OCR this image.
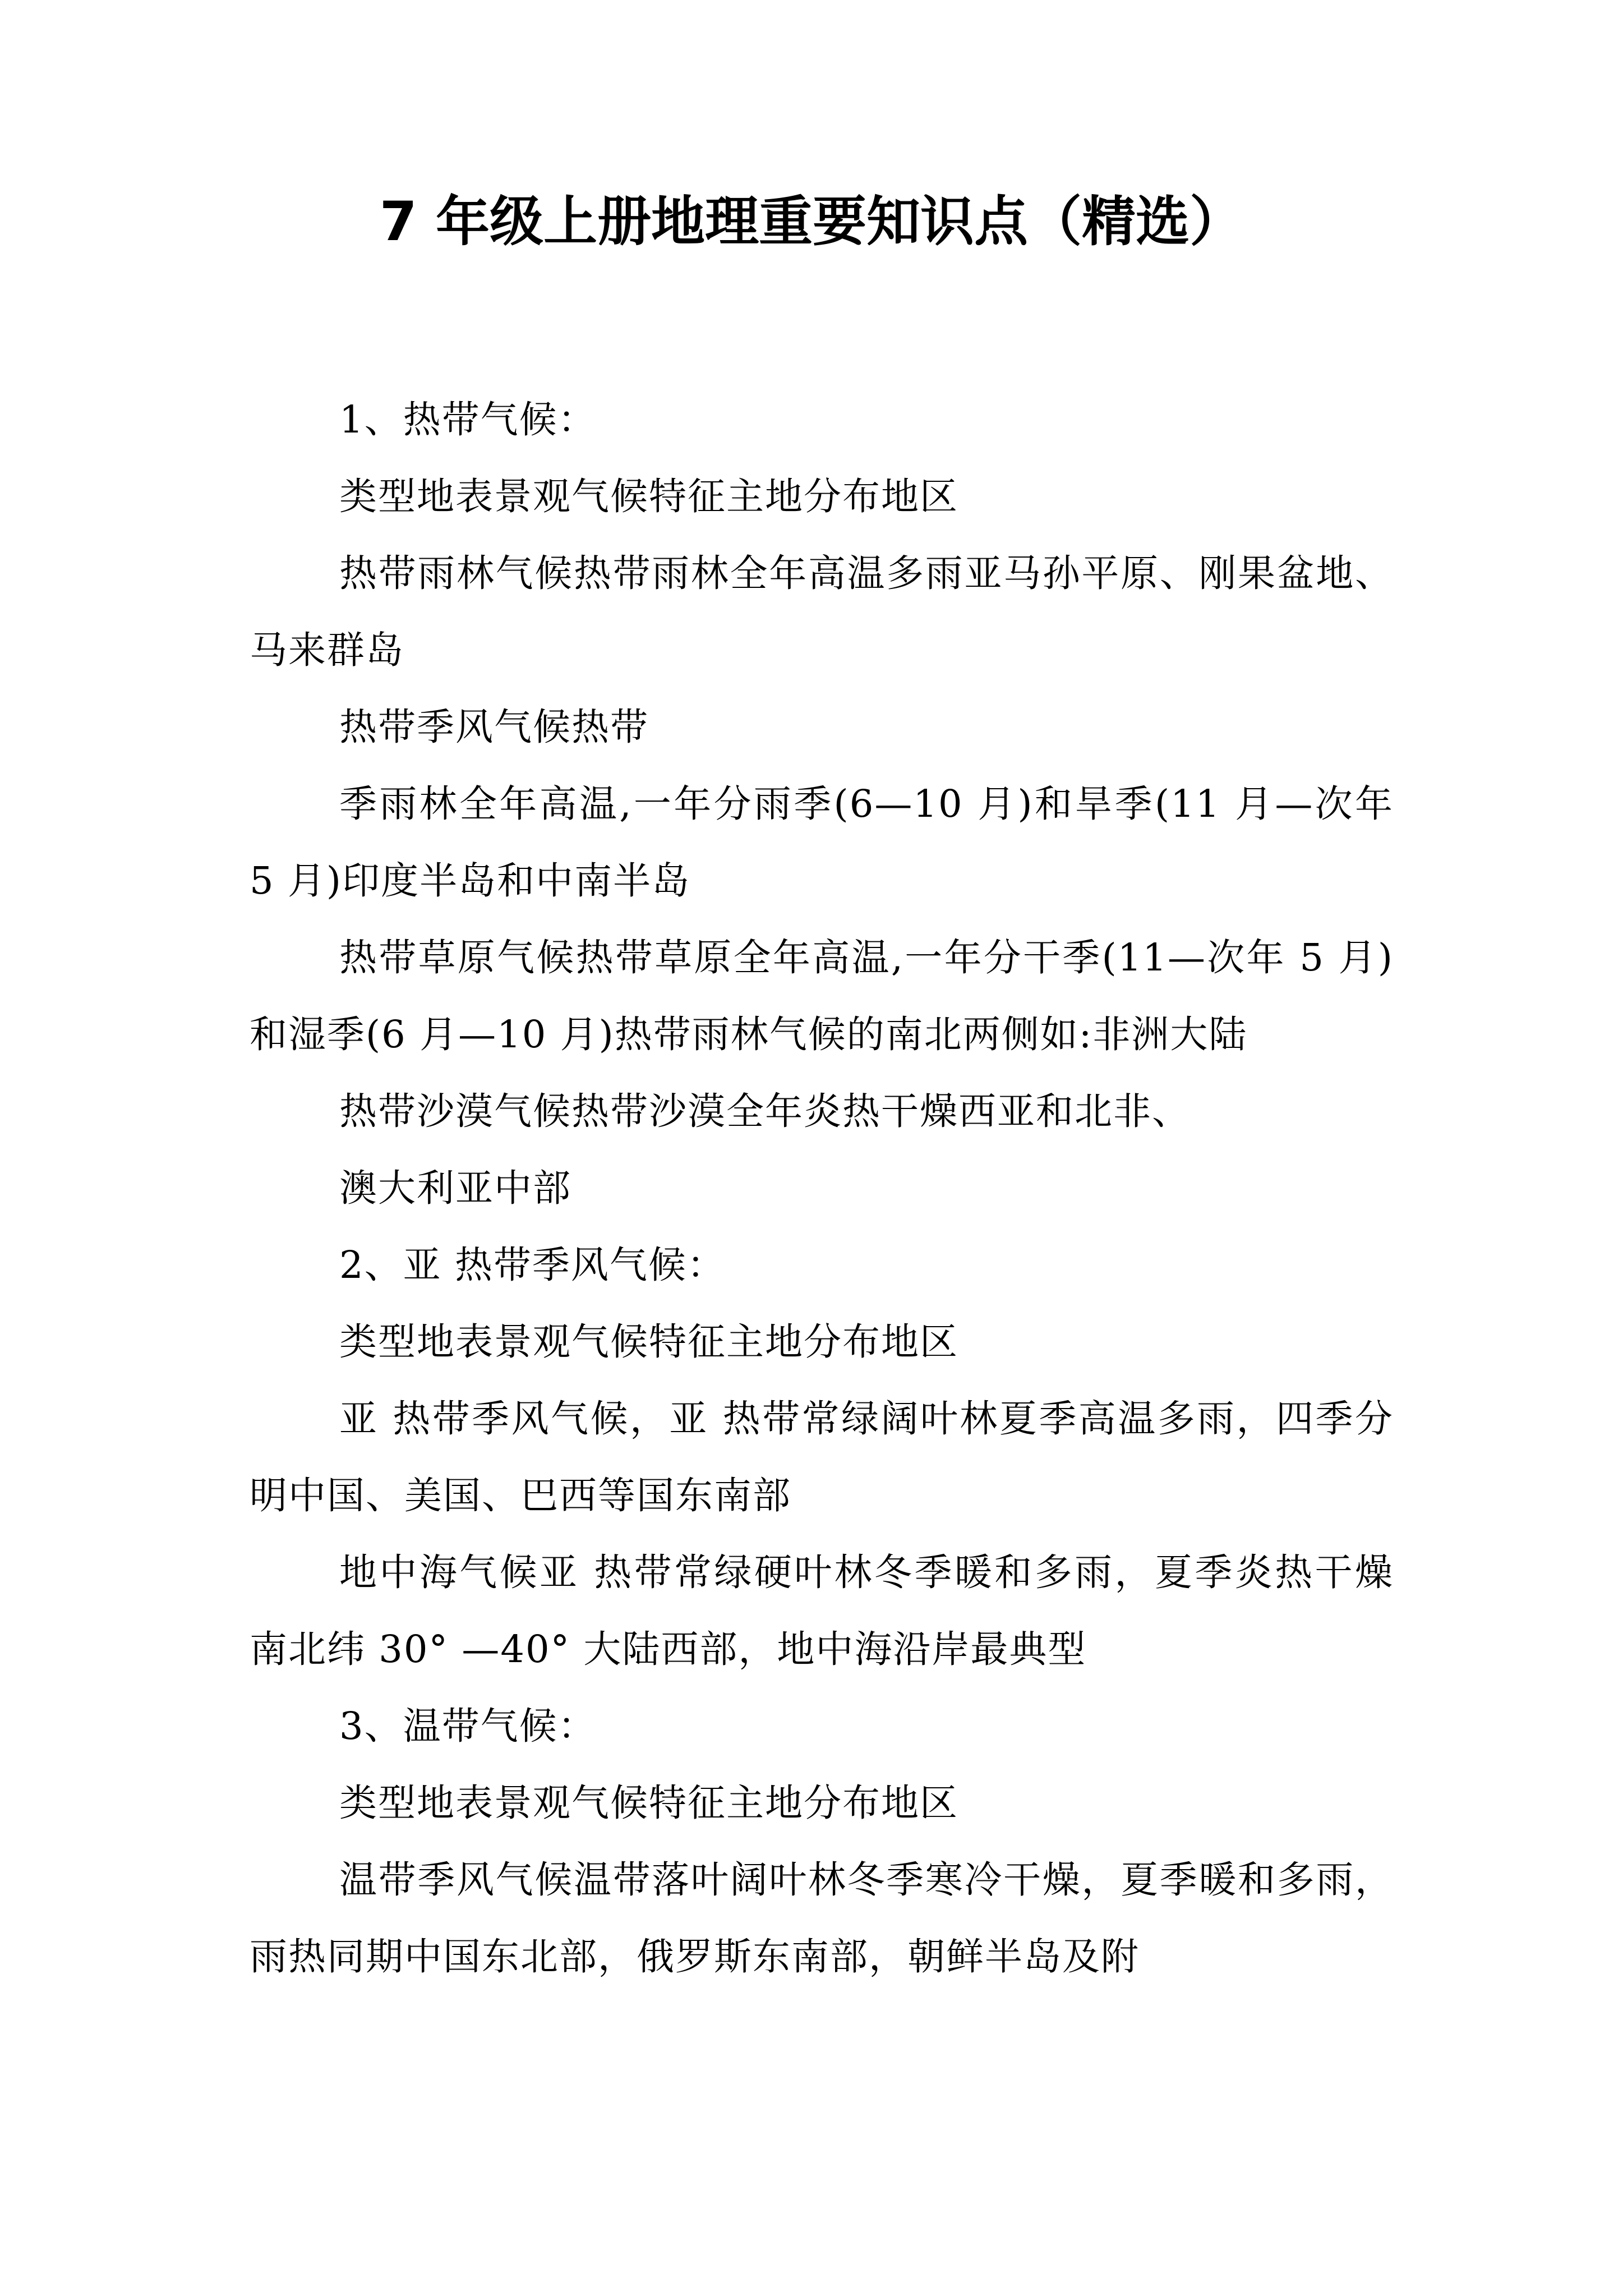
7 年级上册地理重要知识点（精选）

1、热带气候：

类型地表景观气候特征主地分布地区

热带雨林气候热带雨林全年高温多雨亚马孙平原、刚果盆地、马来群岛

热带季风气候热带

季雨林全年高温,一年分雨季(6—10 月)和旱季(11 月—次年 5 月)印度半岛和中南半岛

热带草原气候热带草原全年高温,一年分干季(11—次年 5 月)和湿季(6 月—10 月)热带雨林气候的南北两侧如:非洲大陆

热带沙漠气候热带沙漠全年炎热干燥西亚和北非、

澳大利亚中部

2、亚 热带季风气候：

类型地表景观气候特征主地分布地区

亚 热带季风气候，亚 热带常绿阔叶林夏季高温多雨，四季分明中国、美国、巴西等国东南部

地中海气候亚 热带常绿硬叶林冬季暖和多雨，夏季炎热干燥南北纬 30° —40° 大陆西部，地中海沿岸最典型

3、温带气候：

类型地表景观气候特征主地分布地区

温带季风气候温带落叶阔叶林冬季寒冷干燥，夏季暖和多雨，雨热同期中国东北部，俄罗斯东南部，朝鲜半岛及附
